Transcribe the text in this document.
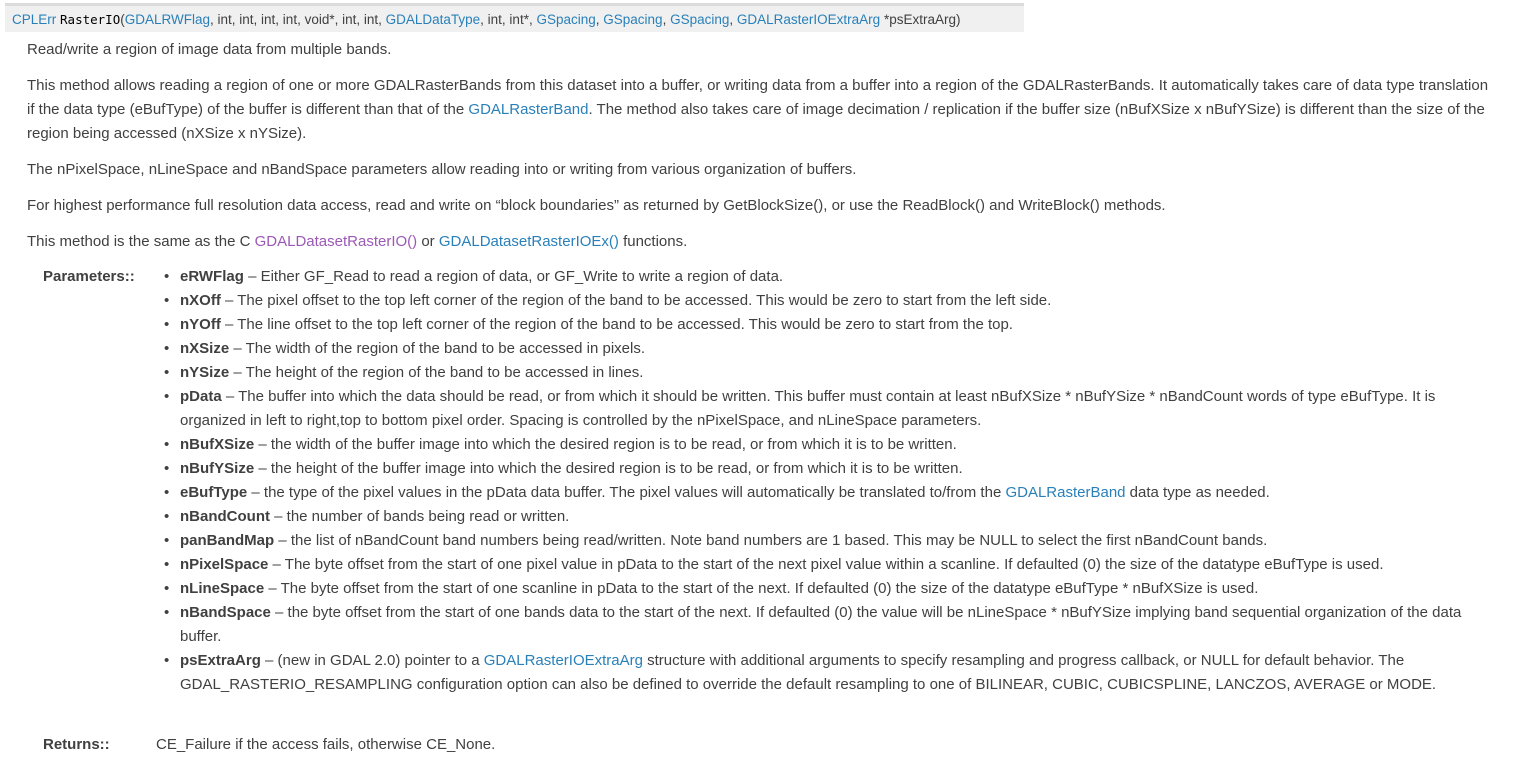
CPLErr RasterIO(GDALRWFlag, int, int, int, int, void*, int, int, GDALDataType, int, int*, GSpacing, GSpacing, GSpacing, GDALRasterIOExtraArg *psExtraArg)

Read/write a region of image data from multiple bands.

This method allows reading a region of one or more GDALRasterBands from this dataset into a buffer, or writing data from a buffer into a region of the GDALRasterBands. It automatically takes care of data type translation if the data type (eBufType) of the buffer is different than that of the GDALRasterBand. The method also takes care of image decimation / replication if the buffer size (nBufXSize x nBufYSize) is different than the size of the region being accessed (nXSize x nYSize).

The nPixelSpace, nLineSpace and nBandSpace parameters allow reading into or writing from various organization of buffers.

For highest performance full resolution data access, read and write on “block boundaries” as returned by GetBlockSize(), or use the ReadBlock() and WriteBlock() methods.

This method is the same as the C GDALDatasetRasterIO() or GDALDatasetRasterIOEx() functions.

Parameters::
•	eRWFlag – Either GF_Read to read a region of data, or GF_Write to write a region of data.
• nXOff – The pixel offset to the top left corner of the region of the band to be accessed. This would be zero to start from the left side.
• nYOff – The line offset to the top left corner of the region of the band to be accessed. This would be zero to start from the top.
• nXSize – The width of the region of the band to be accessed in pixels.
• nYSize – The height of the region of the band to be accessed in lines.
• pData – The buffer into which the data should be read, or from which it should be written. This buffer must contain at least nBufXSize * nBufYSize * nBandCount words of type eBufType. It is organized in left to right,top to bottom pixel order. Spacing is controlled by the nPixelSpace, and nLineSpace parameters.
• nBufXSize – the width of the buffer image into which the desired region is to be read, or from which it is to be written.
• nBufYSize – the height of the buffer image into which the desired region is to be read, or from which it is to be written.
• eBufType – the type of the pixel values in the pData data buffer. The pixel values will automatically be translated to/from the GDALRasterBand data type as needed.
• nBandCount – the number of bands being read or written.
• panBandMap – the list of nBandCount band numbers being read/written. Note band numbers are 1 based. This may be NULL to select the first nBandCount bands.
• nPixelSpace – The byte offset from the start of one pixel value in pData to the start of the next pixel value within a scanline. If defaulted (0) the size of the datatype eBufType is used.
• nLineSpace – The byte offset from the start of one scanline in pData to the start of the next. If defaulted (0) the size of the datatype eBufType * nBufXSize is used.
• nBandSpace – the byte offset from the start of one bands data to the start of the next. If defaulted (0) the value will be nLineSpace * nBufYSize implying band sequential organization of the data buffer.
• psExtraArg – (new in GDAL 2.0) pointer to a GDALRasterIOExtraArg structure with additional arguments to specify resampling and progress callback, or NULL for default behavior. The GDAL_RASTERIO_RESAMPLING configuration option can also be defined to override the default resampling to one of BILINEAR, CUBIC, CUBICSPLINE, LANCZOS, AVERAGE or MODE.
Returns::	CE_Failure if the access fails, otherwise CE_None.
